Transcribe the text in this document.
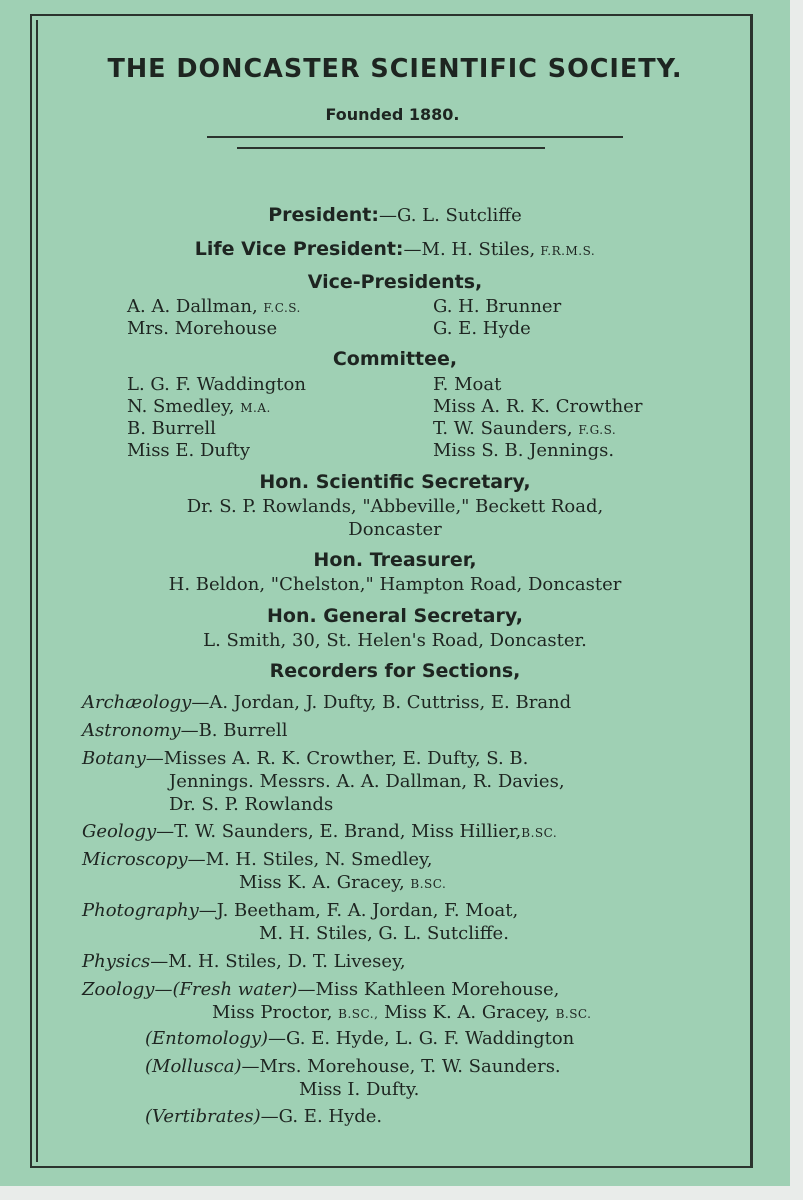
THE DONCASTER SCIENTIFIC SOCIETY.
Founded 1880.
President:—G. L. Sutcliffe
Life Vice President:—M. H. Stiles, F.R.M.S.
Vice-Presidents,
A. A. Dallman, F.C.S.
Mrs. Morehouse
G. H. Brunner
G. E. Hyde
Committee,
L. G. F. Waddington
N. Smedley, M.A.
B. Burrell
Miss E. Dufty
F. Moat
Miss A. R. K. Crowther
T. W. Saunders, F.G.S.
Miss S. B. Jennings.
Hon. Scientific Secretary,
Dr. S. P. Rowlands, "Abbeville," Beckett Road,
Doncaster
Hon. Treasurer,
H. Beldon, "Chelston," Hampton Road, Doncaster
Hon. General Secretary,
L. Smith, 30, St. Helen's Road, Doncaster.
Recorders for Sections,
Archæology—A. Jordan, J. Dufty, B. Cuttriss, E. Brand
Astronomy—B. Burrell
Botany—Misses A. R. K. Crowther, E. Dufty, S. B.
Jennings. Messrs. A. A. Dallman, R. Davies,
Dr. S. P. Rowlands
Geology—T. W. Saunders, E. Brand, Miss Hillier,B.SC.
Microscopy—M. H. Stiles, N. Smedley,
Miss K. A. Gracey, B.SC.
Photography—J. Beetham, F. A. Jordan, F. Moat,
M. H. Stiles, G. L. Sutcliffe.
Physics—M. H. Stiles, D. T. Livesey,
Zoology—(Fresh water)—Miss Kathleen Morehouse,
Miss Proctor, B.SC., Miss K. A. Gracey, B.SC.
(Entomology)—G. E. Hyde, L. G. F. Waddington
(Mollusca)—Mrs. Morehouse, T. W. Saunders.
Miss I. Dufty.
(Vertibrates)—G. E. Hyde.
